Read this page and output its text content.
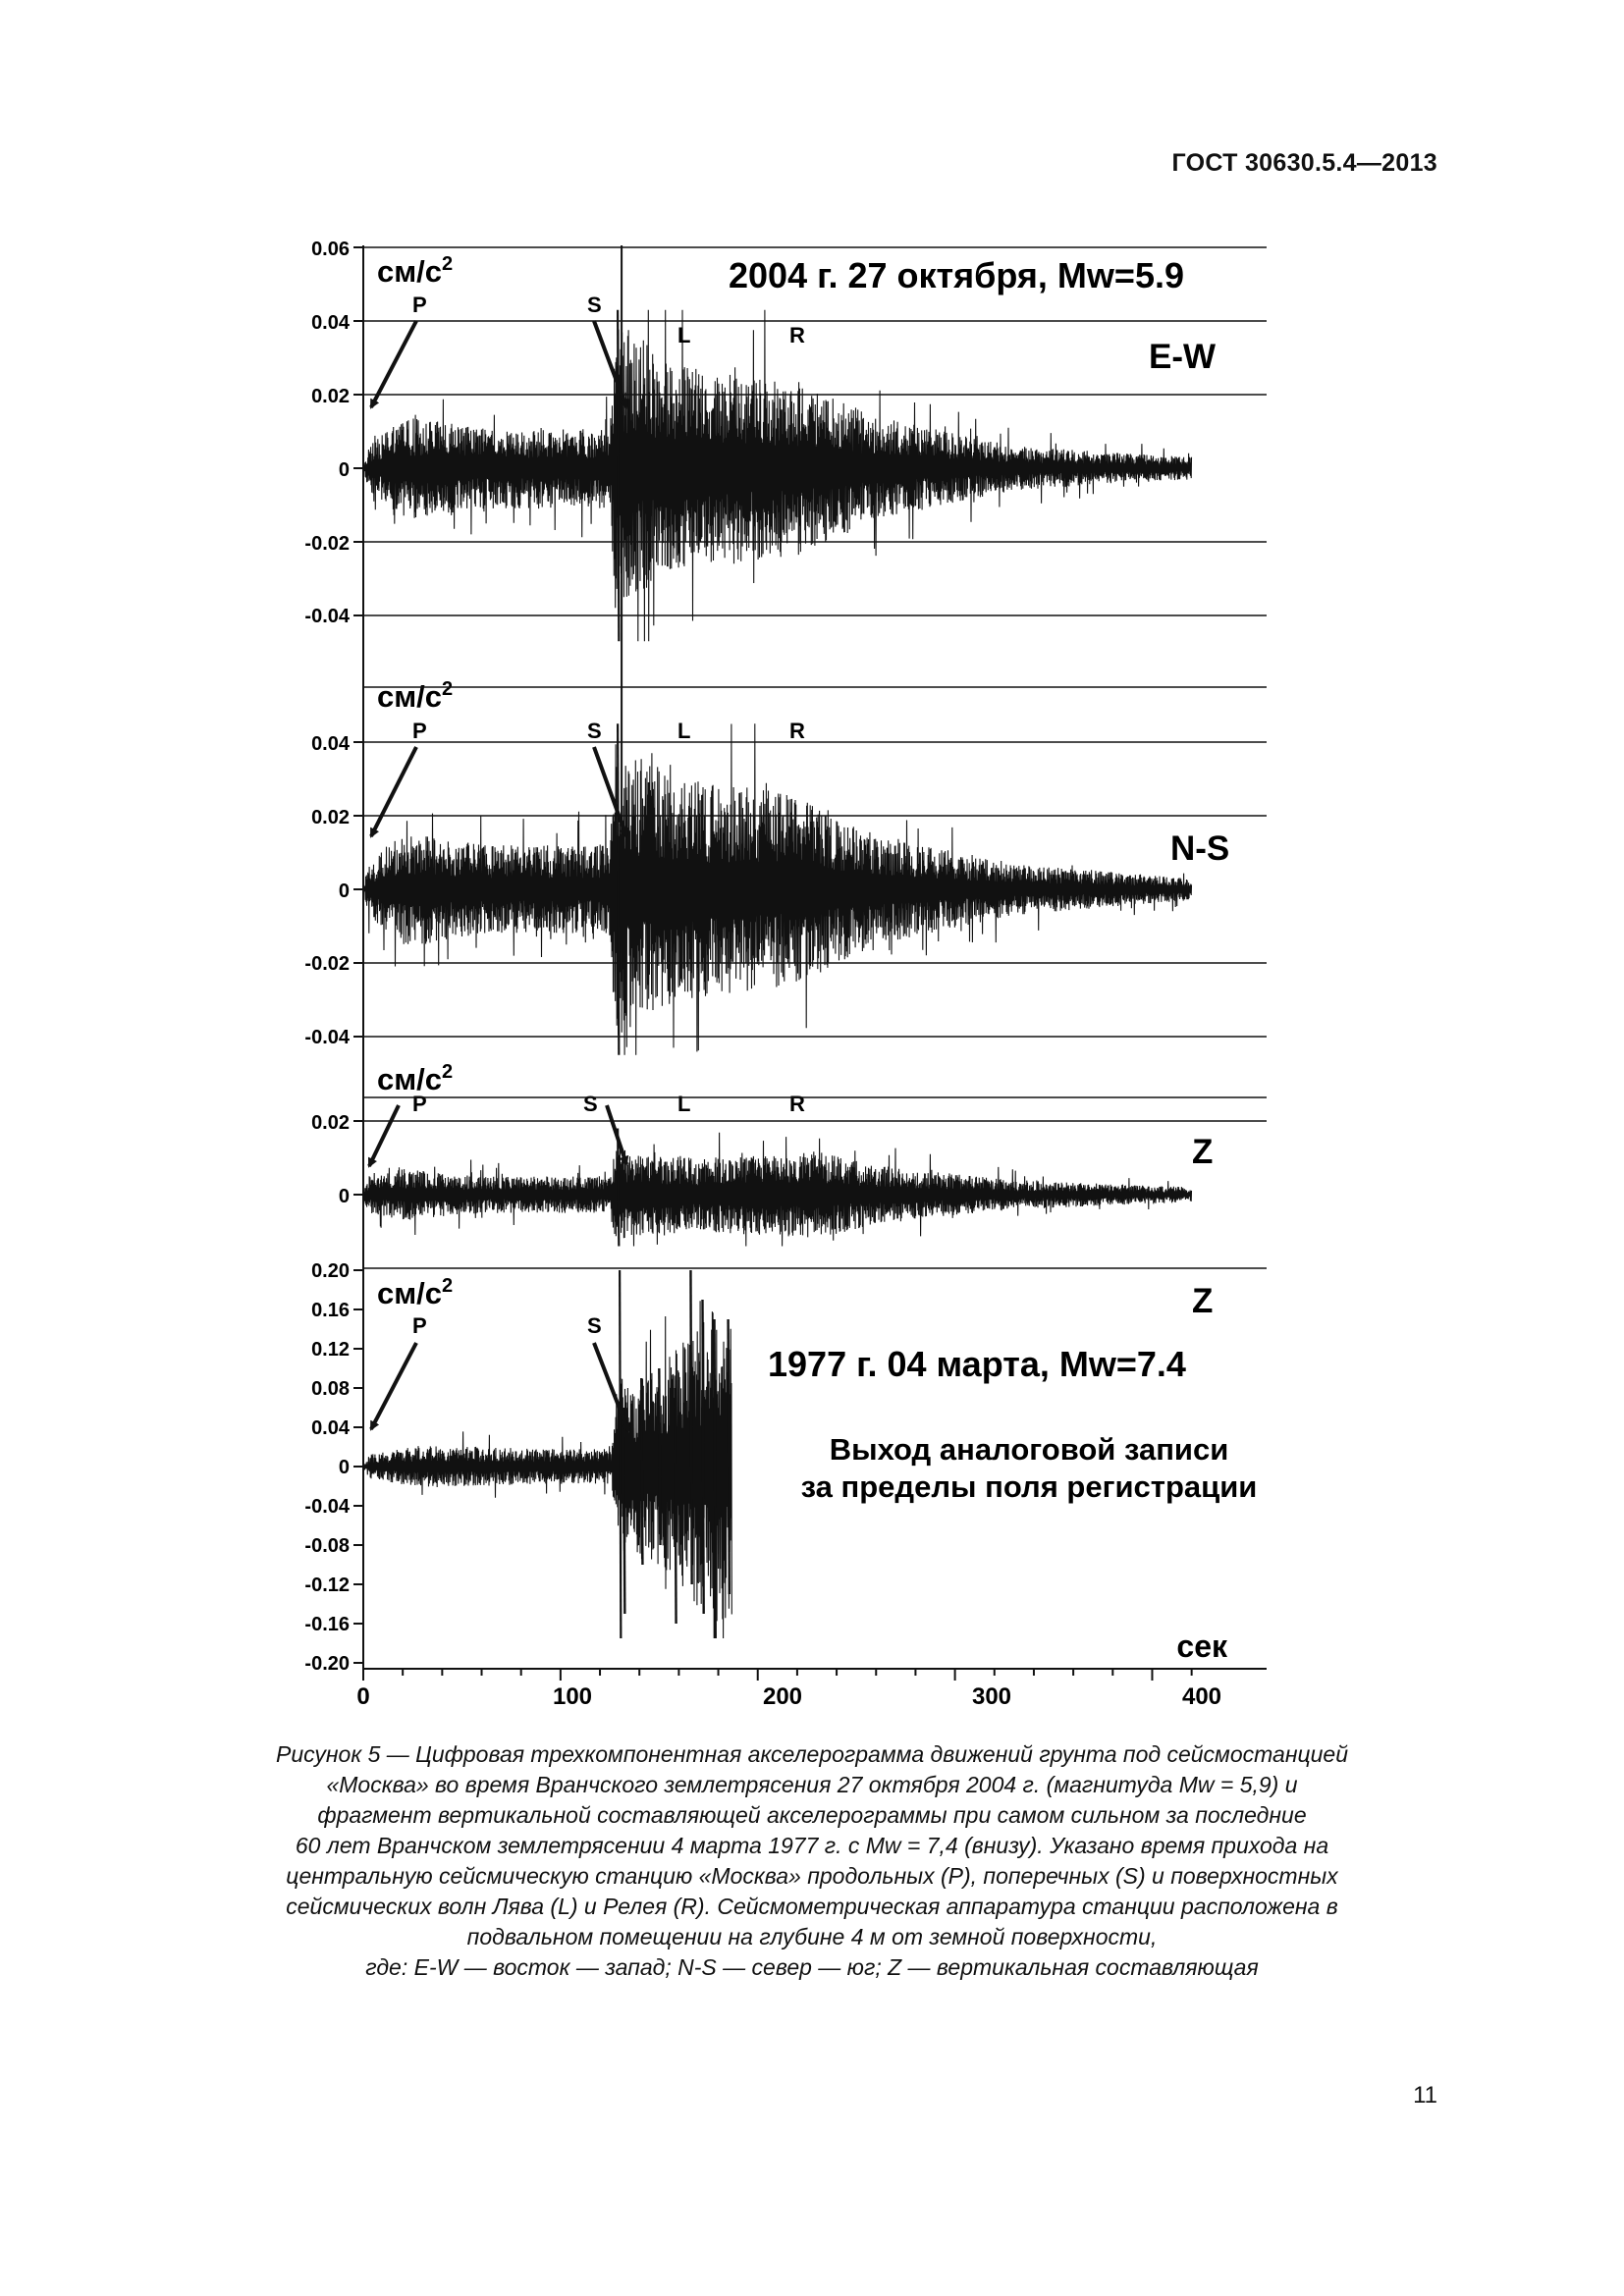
ГОСТ 30630.5.4—2013
0.06
0.04
0.02
0
-0.02
-0.04
$см/с^2$	2004 г. 27 октября, Mw=5.9
E-W
P	S
L	R
0.04
0.02
0
-0.02
-0.04
$см/с^2$
N-S
P	S	L	R
0.02
0
$см/с^2$
Z
P	S	L	R
0.20
0.16
0.12
0.08
0.04
0
-0.04
-0.08
-0.12
-0.16
-0.20
$см/с^2$	Z
1977 г. 04 марта, Mw=7.4
Выход аналоговой записи
за пределы поля регистрации
P	S
0	100	200	300	400
сек

Рисунок 5 — Цифровая трехкомпонентная акселерограмма движений грунта под сейсмостанцией

«Москва» во время Вранчского землетрясения 27 октября 2004 г. (магнитуда Mw = 5,9) и

фрагмент вертикальной составляющей акселерограммы при самом сильном за последние

60 лет Вранчском землетрясении 4 марта 1977 г. с Mw = 7,4 (внизу). Указано время прихода на

центральную сейсмическую станцию «Москва» продольных (P), поперечных (S) и поверхностных

сейсмических волн Лява (L) и Релея (R). Сейсмометрическая аппаратура станции расположена в

подвальном помещении на глубине 4 м от земной поверхности,

где: E-W — восток — запад; N-S — север — юг; Z — вертикальная составляющая

11
